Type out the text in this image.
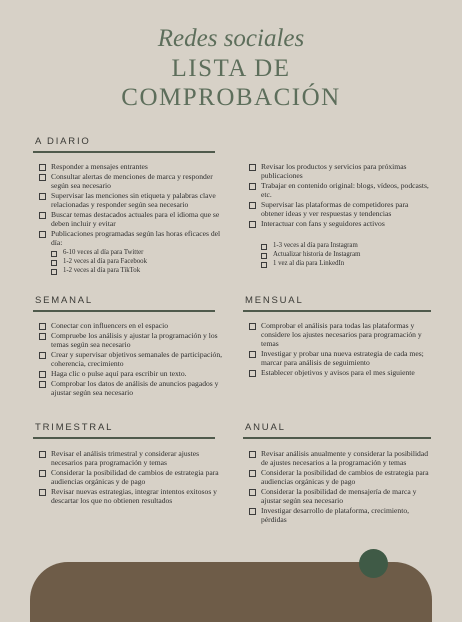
Redes sociales
LISTA DE
COMPROBACIÓN
A DIARIO
Responder a mensajes entrantes
Consultar alertas de menciones de marca y responder según sea necesario
Supervisar las menciones sin etiqueta y palabras clave relacionadas y responder según sea necesario
Buscar temas destacados actuales para el idioma que se deben incluir y evitar
Publicaciones programadas según las horas eficaces del día:
6-10 veces al día para Twitter
1-2 veces al día para Facebook
1-2 veces al día para TikTok
Revisar los productos y servicios para próximas publicaciones
Trabajar en contenido original: blogs, vídeos, podcasts, etc.
Supervisar las plataformas de competidores para obtener ideas y ver respuestas y tendencias
Interactuar con fans y seguidores activos
1-3 veces al día para Instagram
Actualizar historia de Instagram
1 vez al día para LinkedIn
SEMANAL
Conectar con influencers en el espacio
Compruebe los análisis y ajustar la programación y los temas según sea necesario
Crear y supervisar objetivos semanales de participación, coherencia, crecimiento
Haga clic o pulse aquí para escribir un texto.
Comprobar los datos de análisis de anuncios pagados y ajustar según sea necesario
MENSUAL
Comprobar el análisis para todas las plataformas y considere los ajustes necesarios para programación y temas
Investigar y probar una nueva estrategia de cada mes; marcar para análisis de seguimiento
Establecer objetivos y avisos para el mes siguiente
TRIMESTRAL
Revisar el análisis trimestral y considerar ajustes necesarios para programación y temas
Considerar la posibilidad de cambios de estrategia para audiencias orgánicas y de pago
Revisar nuevas estrategias, integrar intentos exitosos y descartar los que no obtienen resultados
ANUAL
Revisar análisis anualmente y considerar la posibilidad de ajustes necesarios a la programación y temas
Considerar la posibilidad de cambios de estrategia para audiencias orgánicas y de pago
Considerar la posibilidad de mensajería de marca y ajustar según sea necesario
Investigar desarrollo de plataforma, crecimiento, pérdidas
